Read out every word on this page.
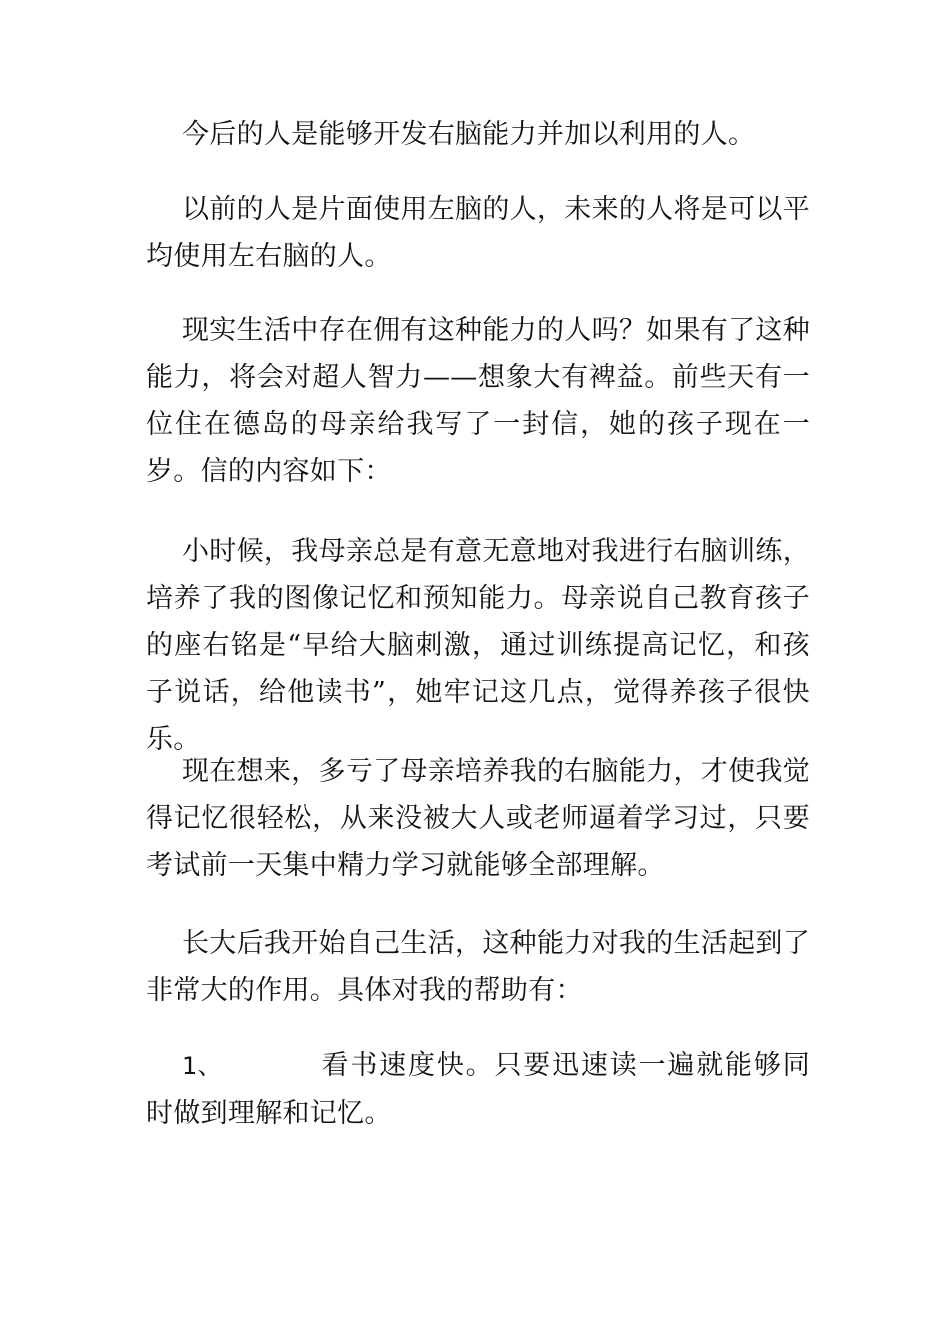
今后的人是能够开发右脑能力并加以利用的人。

以前的人是片面使用左脑的人，未来的人将是可以平均使用左右脑的人。

现实生活中存在佣有这种能力的人吗？如果有了这种能力，将会对超人智力——想象大有裨益。前些天有一位住在德岛的母亲给我写了一封信，她的孩子现在一岁。信的内容如下：

小时候，我母亲总是有意无意地对我进行右脑训练，培养了我的图像记忆和预知能力。母亲说自己教育孩子的座右铭是“早给大脑刺激，通过训练提高记忆，和孩子说话，给他读书”，她牢记这几点，觉得养孩子很快乐。

现在想来，多亏了母亲培养我的右脑能力，才使我觉得记忆很轻松，从来没被大人或老师逼着学习过，只要考试前一天集中精力学习就能够全部理解。

长大后我开始自己生活，这种能力对我的生活起到了非常大的作用。具体对我的帮助有：

1、	看书速度快。只要迅速读一遍就能够同时做到理解和记忆。
